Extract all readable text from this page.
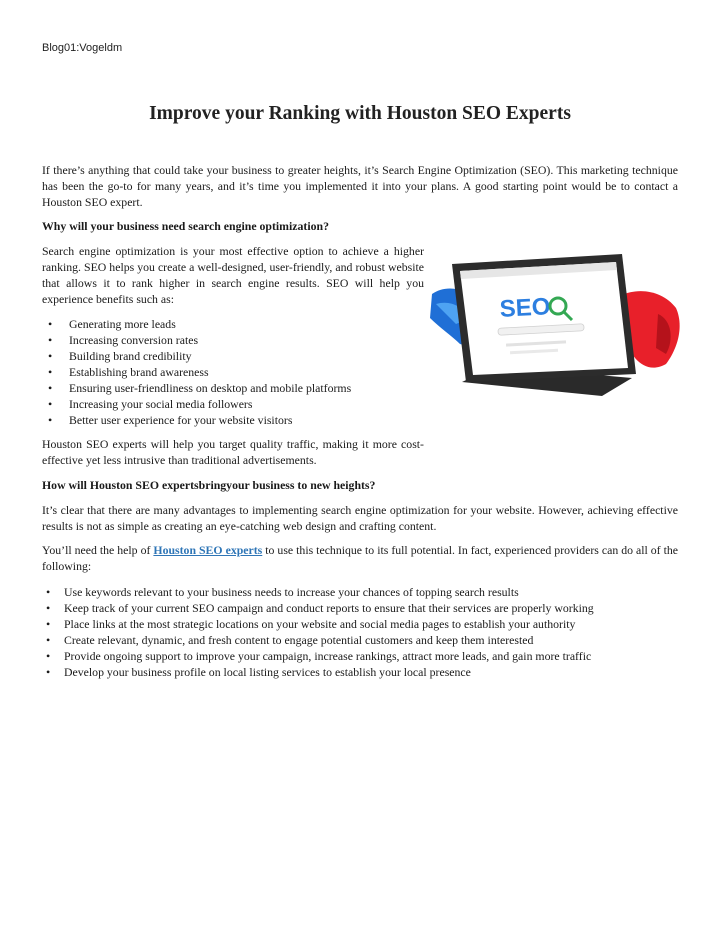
Blog01:Vogeldm
Improve your Ranking with Houston SEO Experts

If there’s anything that could take your business to greater heights, it’s Search Engine Optimization (SEO). This marketing technique has been the go-to for many years, and it’s time you implemented it into your plans. A good starting point would be to contact a Houston SEO expert.

Why will your business need search engine optimization?
SEO

Search engine optimization is your most effective option to achieve a higher ranking. SEO helps you create a well-designed, user-friendly, and robust website that allows it to rank higher in search engine results. SEO will help you experience benefits such as:

• Generating more leads
• Increasing conversion rates
• Building brand credibility
• Establishing brand awareness
• Ensuring user-friendliness on desktop and mobile platforms
• Increasing your social media followers
• Better user experience for your website visitors

Houston SEO experts will help you target quality traffic, making it more cost-effective yet less intrusive than traditional advertisements.

How will Houston SEO expertsbringyour business to new heights?

It’s clear that there are many advantages to implementing search engine optimization for your website. However, achieving effective results is not as simple as creating an eye-catching web design and crafting content.

You’ll need the help of Houston SEO experts to use this technique to its full potential. In fact, experienced providers can do all of the following:

• Use keywords relevant to your business needs to increase your chances of topping search results
• Keep track of your current SEO campaign and conduct reports to ensure that their services are properly working
• Place links at the most strategic locations on your website and social media pages to establish your authority
• Create relevant, dynamic, and fresh content to engage potential customers and keep them interested
• Provide ongoing support to improve your campaign, increase rankings, attract more leads, and gain more traffic
• Develop your business profile on local listing services to establish your local presence
